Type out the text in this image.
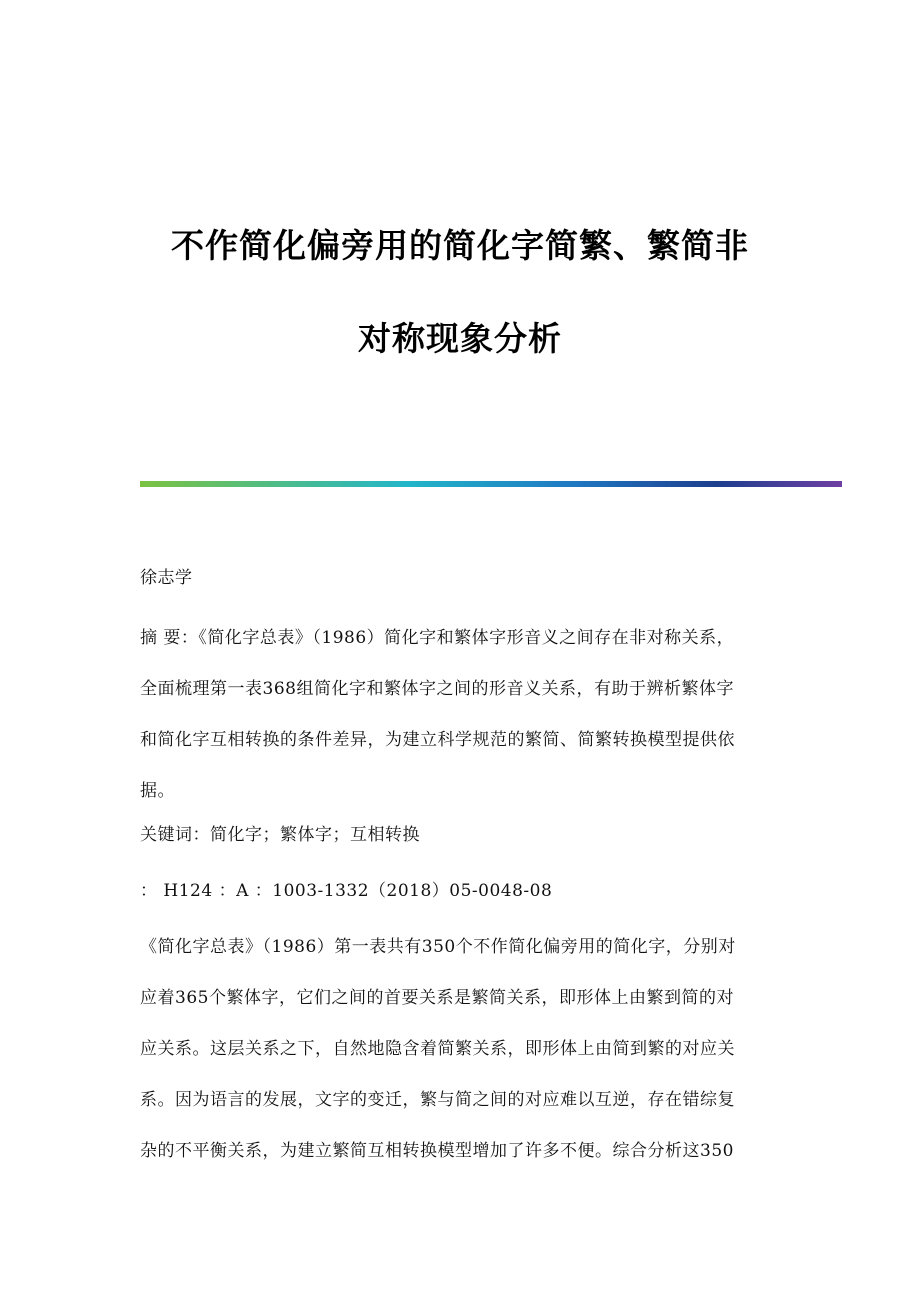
不作简化偏旁用的简化字简繁、繁简非
对称现象分析
徐志学
摘 要：《简化字总表》（1986）简化字和繁体字形音义之间存在非对称关系，
全面梳理第一表368组简化字和繁体字之间的形音义关系，有助于辨析繁体字
和简化字互相转换的条件差异，为建立科学规范的繁简、简繁转换模型提供依
据。
关键词：简化字；繁体字；互相转换
： H124 ：A ：1003-1332（2018）05-0048-08
《简化字总表》（1986）第一表共有350个不作简化偏旁用的简化字，分别对
应着365个繁体字，它们之间的首要关系是繁简关系，即形体上由繁到简的对
应关系。这层关系之下，自然地隐含着简繁关系，即形体上由简到繁的对应关
系。因为语言的发展，文字的变迁，繁与简之间的对应难以互逆，存在错综复
杂的不平衡关系，为建立繁简互相转换模型增加了许多不便。综合分析这350
